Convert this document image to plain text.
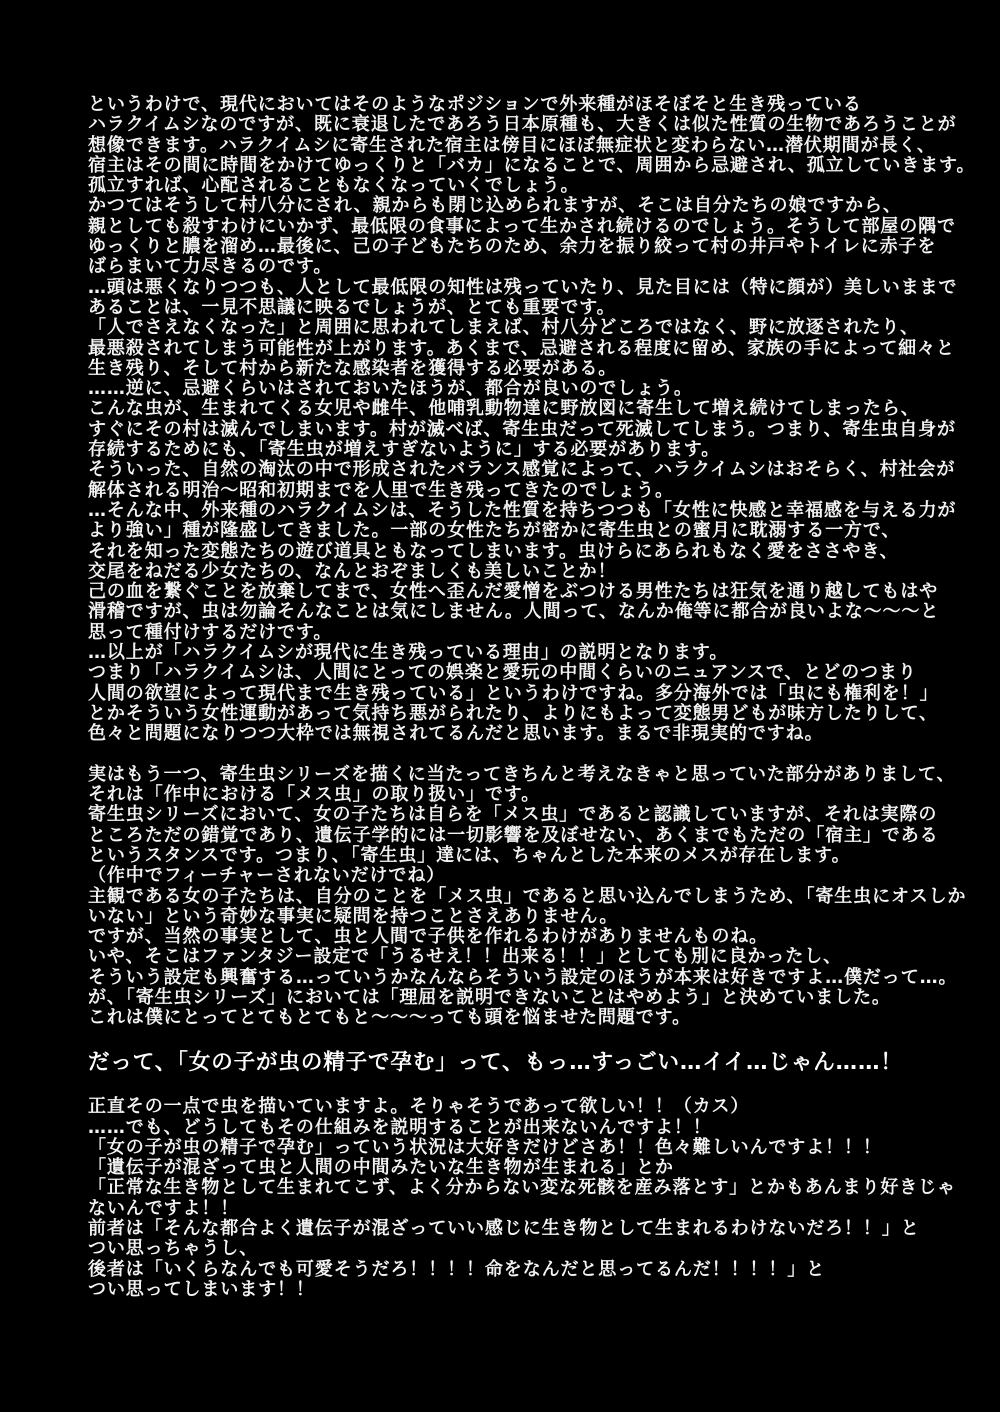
というわけで、現代においてはそのようなポジションで外来種がほそぼそと生き残っている
ハラクイムシなのですが、既に衰退したであろう日本原種も、大きくは似た性質の生物であろうことが
想像できます。ハラクイムシに寄生された宿主は傍目にほぼ無症状と変わらない…潜伏期間が長く、
宿主はその間に時間をかけてゆっくりと「バカ」になることで、周囲から忌避され、孤立していきます。
孤立すれば、心配されることもなくなっていくでしょう。
かつてはそうして村八分にされ、親からも閉じ込められますが、そこは自分たちの娘ですから、
親としても殺すわけにいかず、最低限の食事によって生かされ続けるのでしょう。そうして部屋の隅で
ゆっくりと膿を溜め…最後に、己の子どもたちのため、余力を振り絞って村の井戸やトイレに赤子を
ばらまいて力尽きるのです。
…頭は悪くなりつつも、人として最低限の知性は残っていたり、見た目には（特に顔が）美しいままで
あることは、一見不思議に映るでしょうが、とても重要です。
「人でさえなくなった」と周囲に思われてしまえば、村八分どころではなく、野に放逐されたり、
最悪殺されてしまう可能性が上がります。あくまで、忌避される程度に留め、家族の手によって細々と
生き残り、そして村から新たな感染者を獲得する必要がある。
……逆に、忌避くらいはされておいたほうが、都合が良いのでしょう。
こんな虫が、生まれてくる女児や雌牛、他哺乳動物達に野放図に寄生して増え続けてしまったら、
すぐにその村は滅んでしまいます。村が滅べば、寄生虫だって死滅してしまう。つまり、寄生虫自身が
存続するためにも、「寄生虫が増えすぎないように」する必要があります。
そういった、自然の淘汰の中で形成されたバランス感覚によって、ハラクイムシはおそらく、村社会が
解体される明治〜昭和初期までを人里で生き残ってきたのでしょう。
…そんな中、外来種のハラクイムシは、そうした性質を持ちつつも「女性に快感と幸福感を与える力が
より強い」種が隆盛してきました。一部の女性たちが密かに寄生虫との蜜月に耽溺する一方で、
それを知った変態たちの遊び道具ともなってしまいます。虫けらにあられもなく愛をささやき、
交尾をねだる少女たちの、なんとおぞましくも美しいことか！
己の血を繋ぐことを放棄してまで、女性へ歪んだ愛憎をぶつける男性たちは狂気を通り越してもはや
滑稽ですが、虫は勿論そんなことは気にしません。人間って、なんか俺等に都合が良いよな〜〜〜と
思って種付けするだけです。
…以上が「ハラクイムシが現代に生き残っている理由」の説明となります。
つまり「ハラクイムシは、人間にとっての娯楽と愛玩の中間くらいのニュアンスで、とどのつまり
人間の欲望によって現代まで生き残っている」というわけですね。多分海外では「虫にも権利を！」
とかそういう女性運動があって気持ち悪がられたり、よりにもよって変態男どもが味方したりして、
色々と問題になりつつ大枠では無視されてるんだと思います。まるで非現実的ですね。

実はもう一つ、寄生虫シリーズを描くに当たってきちんと考えなきゃと思っていた部分がありまして、
それは「作中における「メス虫」の取り扱い」です。
寄生虫シリーズにおいて、女の子たちは自らを「メス虫」であると認識していますが、それは実際の
ところただの錯覚であり、遺伝子学的には一切影響を及ぼせない、あくまでもただの「宿主」である
というスタンスです。つまり、「寄生虫」達には、ちゃんとした本来のメスが存在します。
（作中でフィーチャーされないだけでね）
主観である女の子たちは、自分のことを「メス虫」であると思い込んでしまうため、「寄生虫にオスしか
いない」という奇妙な事実に疑問を持つことさえありません。
ですが、当然の事実として、虫と人間で子供を作れるわけがありませんものね。
いや、そこはファンタジー設定で「うるせえ！！出来る！！」としても別に良かったし、
そういう設定も興奮する…っていうかなんならそういう設定のほうが本来は好きですよ…僕だって…。
が、「寄生虫シリーズ」においては「理屈を説明できないことはやめよう」と決めていました。
これは僕にとってとてもとてもと〜〜〜っても頭を悩ませた問題です。

だって、「女の子が虫の精子で孕む」って、もっ…すっごい…イイ…じゃん……！

正直その一点で虫を描いていますよ。そりゃそうであって欲しい！！（カス）
……でも、どうしてもその仕組みを説明することが出来ないんですよ！！
「女の子が虫の精子で孕む」っていう状況は大好きだけどさあ！！色々難しいんですよ！！！
「遺伝子が混ざって虫と人間の中間みたいな生き物が生まれる」とか
「正常な生き物として生まれてこず、よく分からない変な死骸を産み落とす」とかもあんまり好きじゃ
ないんですよ！！
前者は「そんな都合よく遺伝子が混ざっていい感じに生き物として生まれるわけないだろ！！」と
つい思っちゃうし、
後者は「いくらなんでも可愛そうだろ！！！！命をなんだと思ってるんだ！！！！」と
つい思ってしまいます！！
